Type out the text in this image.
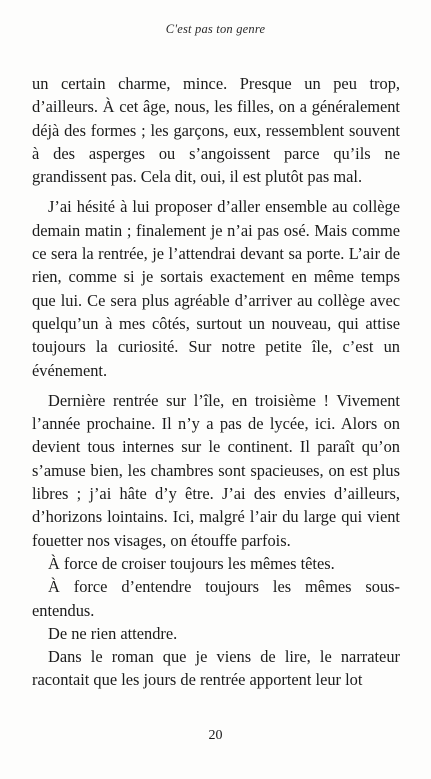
C'est pas ton genre

un certain charme, mince. Presque un peu trop, d’ailleurs. À cet âge, nous, les filles, on a généralement déjà des formes ; les garçons, eux, ressemblent souvent à des asperges ou s’angoissent parce qu’ils ne grandissent pas. Cela dit, oui, il est plutôt pas mal.

J’ai hésité à lui proposer d’aller ensemble au collège demain matin ; finalement je n’ai pas osé. Mais comme ce sera la rentrée, je l’attendrai devant sa porte. L’air de rien, comme si je sortais exactement en même temps que lui. Ce sera plus agréable d’arriver au collège avec quelqu’un à mes côtés, surtout un nouveau, qui attise toujours la curiosité. Sur notre petite île, c’est un événement.

Dernière rentrée sur l’île, en troisième ! Vivement l’année prochaine. Il n’y a pas de lycée, ici. Alors on devient tous internes sur le continent. Il paraît qu’on s’amuse bien, les chambres sont spacieuses, on est plus libres ; j’ai hâte d’y être. J’ai des envies d’ailleurs, d’horizons lointains. Ici, malgré l’air du large qui vient fouetter nos visages, on étouffe parfois.

À force de croiser toujours les mêmes têtes.

À force d’entendre toujours les mêmes sous-entendus.

De ne rien attendre.

Dans le roman que je viens de lire, le narrateur racontait que les jours de rentrée apportent leur lot

20
